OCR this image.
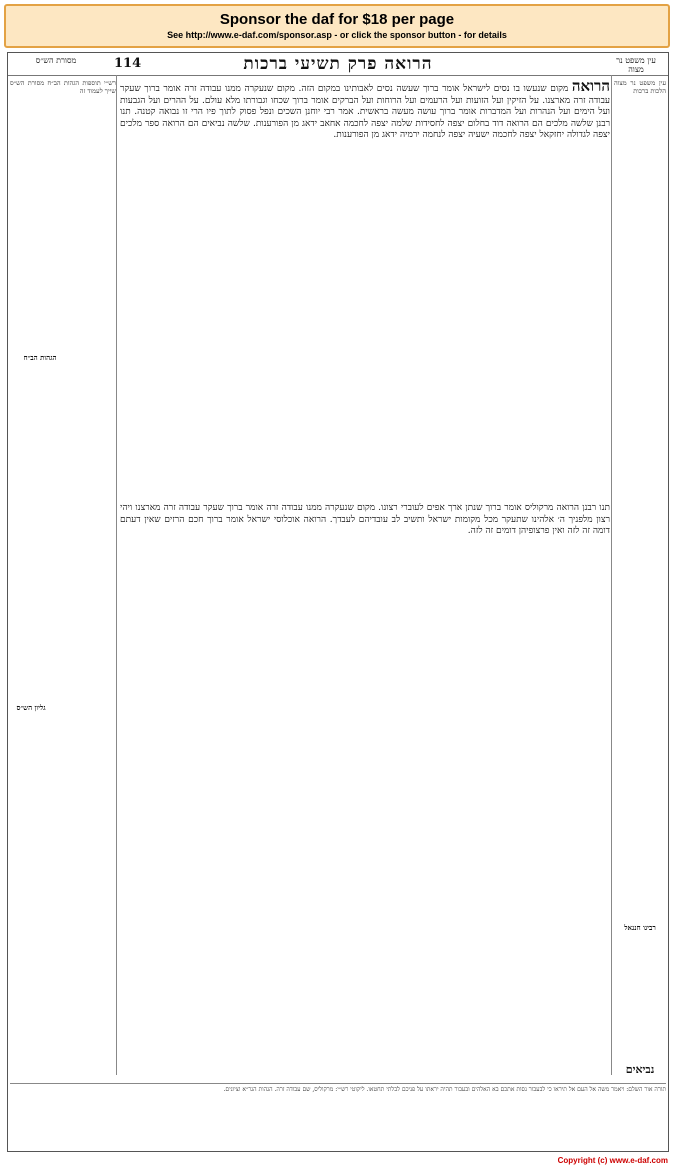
Sponsor the daf for $18 per page
See http://www.e-daf.com/sponsor.asp - or click the sponsor button - for details
מסורת הש״ס	114	הרואה פרק תשיעי ברכות	עין משפט נר מצוה
רש״י תוספות הגהות הב״ח מסורת הש״ס שייך לעמוד זה
עין משפט נר מצוה הלכות ברכות
הרואה מקום שנעשו בו נסים לישראל אומר ברוך שעשה נסים לאבותינו במקום הזה. מקום שנעקרה ממנו עבודה זרה אומר ברוך שעקר עבודה זרה מארצנו. על הזיקין ועל הזועות ועל הרעמים ועל הרוחות ועל הברקים אומר ברוך שכחו וגבורתו מלא עולם. על ההרים ועל הגבעות ועל הימים ועל הנהרות ועל המדברות אומר ברוך עושה מעשה בראשית. אמר רבי יוחנן השכים ונפל פסוק לתוך פיו הרי זו נבואה קטנה. תנו רבנן שלשה מלכים הם הרואה דוד בחלום יצפה לחסידות שלמה יצפה לחכמה אחאב ידאג מן הפורענות. שלשה נביאים הם הרואה ספר מלכים יצפה לגדולה יחזקאל יצפה לחכמה ישעיה יצפה לנחמה ירמיה ידאג מן הפורענות.
תנו רבנן הרואה מרקוליס אומר ברוך שנתן ארך אפים לעוברי רצונו. מקום שנעקרה ממנו עבודה זרה אומר ברוך שעקר עבודה זרה מארצנו ויהי רצון מלפניך ה׳ אלהינו שתעקר מכל מקומות ישראל ותשיב לב עובדיהם לעבדך. הרואה אוכלוסי ישראל אומר ברוך חכם הרזים שאין דעתם דומה זה לזה ואין פרצופיהן דומים זה לזה.
הגהות הב״ח
גליון הש״ס
רבינו חננאל
נביאים
תורה אור השלם: ויאמר משה אל העם אל תיראו כי לבעבור נסות אתכם בא האלהים ובעבור תהיה יראתו על פניכם לבלתי תחטאו. ליקוטי רש״י: מרקוליס, שם עבודה זרה. הגהות הגר״א וציונים.
Copyright (c) www.e-daf.com
